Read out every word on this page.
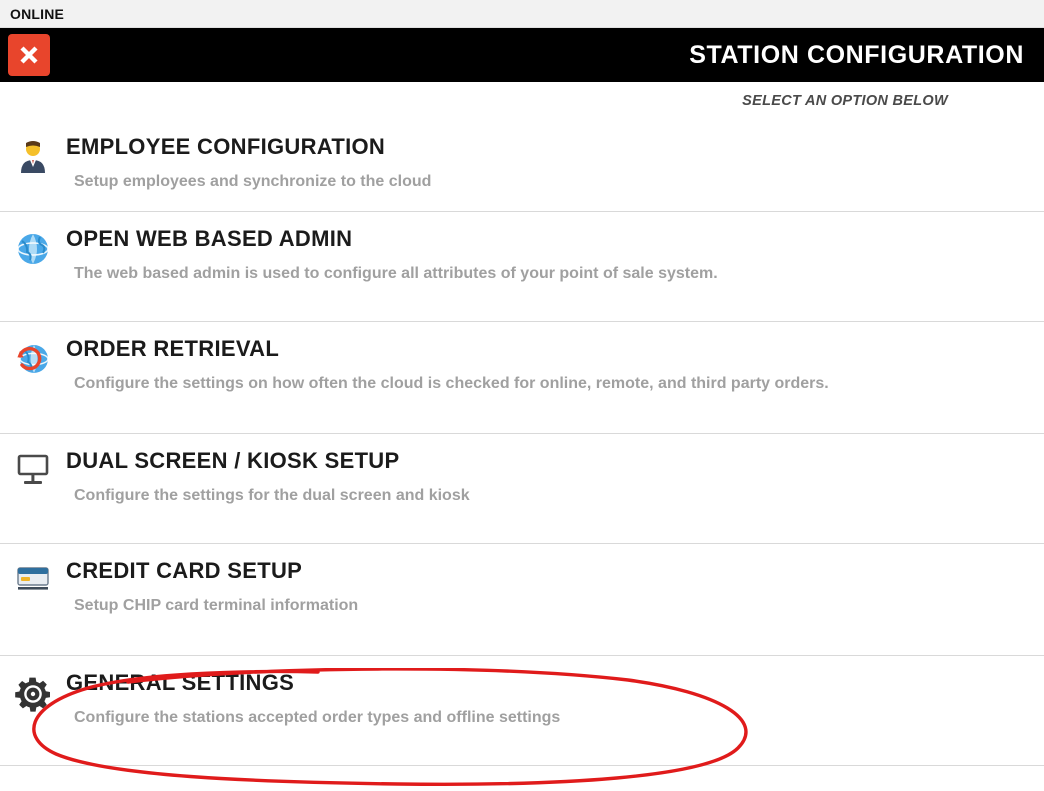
ONLINE
STATION CONFIGURATION
SELECT AN OPTION BELOW
EMPLOYEE CONFIGURATION
Setup employees and synchronize to the cloud
OPEN WEB BASED ADMIN
The web based admin is used to configure all attributes of your point of sale system.
ORDER RETRIEVAL
Configure the settings on how often the cloud is checked for online, remote, and third party orders.
DUAL SCREEN / KIOSK SETUP
Configure the settings for the dual screen and kiosk
CREDIT CARD SETUP
Setup CHIP card terminal information
GENERAL SETTINGS
Configure the stations accepted order types and offline settings
